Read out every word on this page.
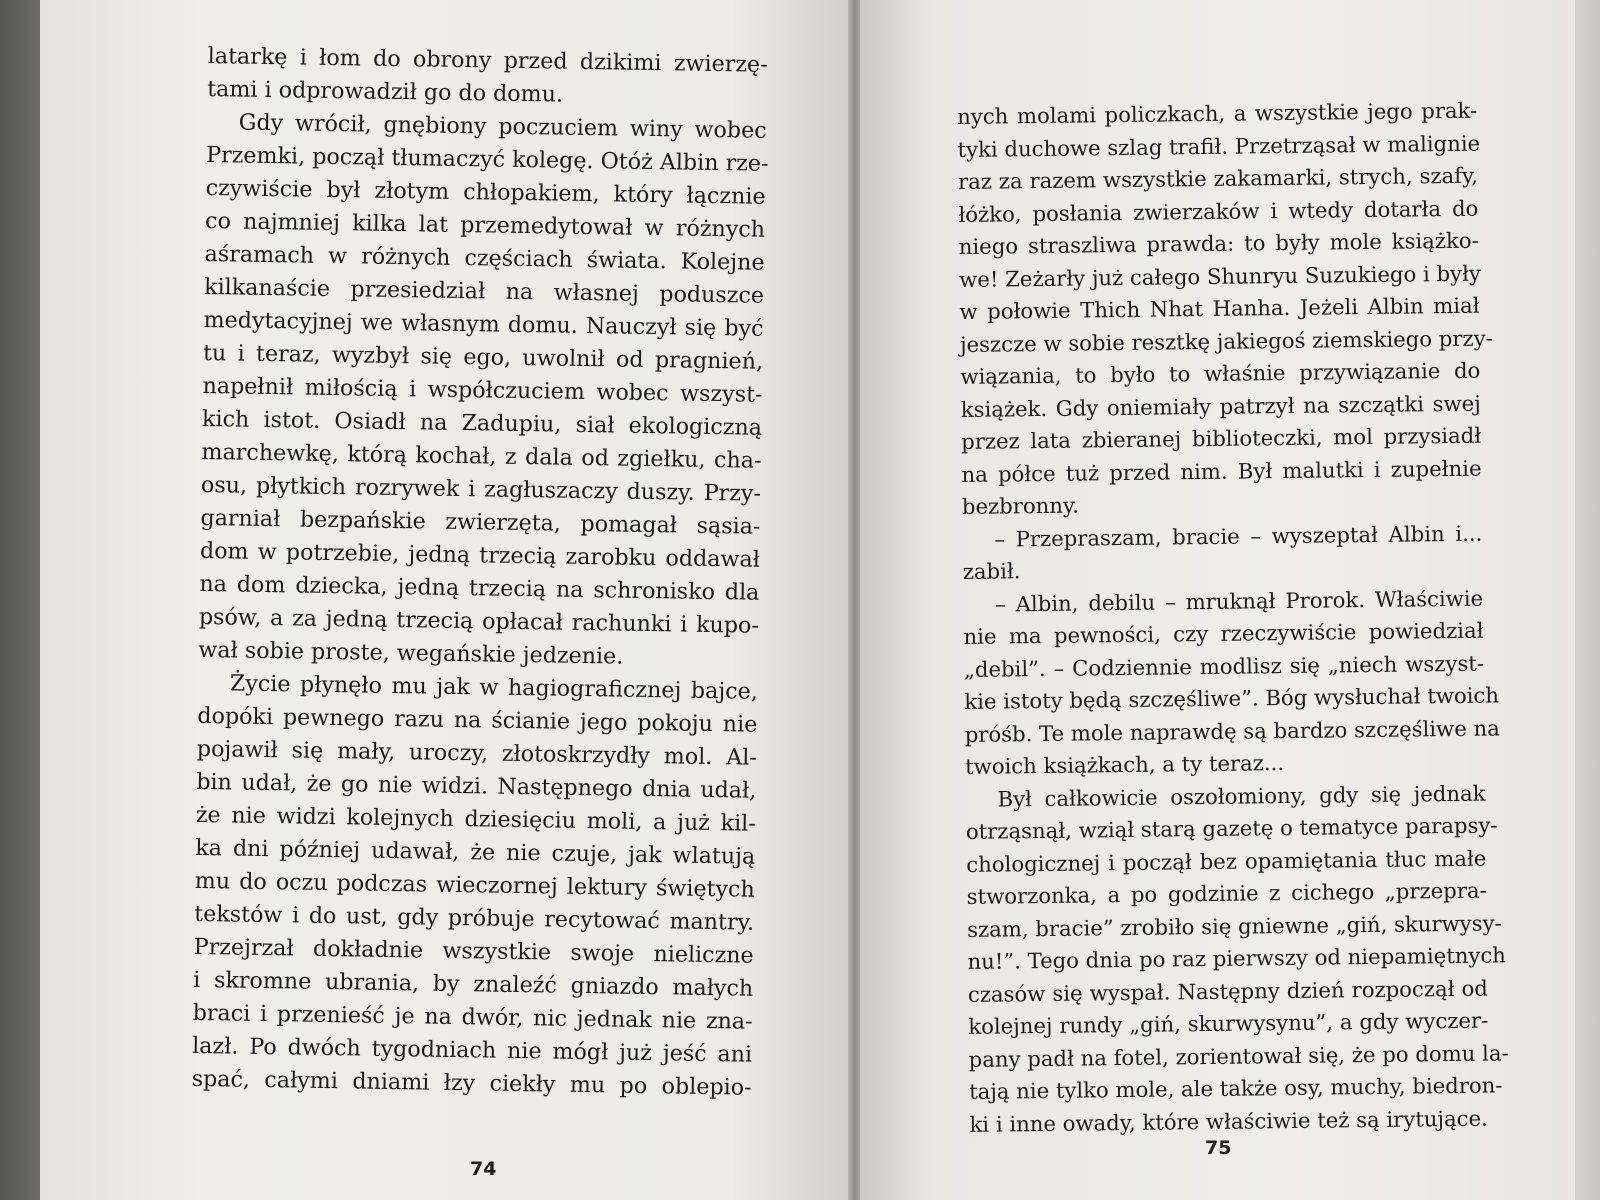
latarkę i łom do obrony przed dzikimi zwierzę-
tami i odprowadził go do domu.
Gdy wrócił, gnębiony poczuciem winy wobec
Przemki, począł tłumaczyć kolegę. Otóż Albin rze-
czywiście był złotym chłopakiem, który łącznie
co najmniej kilka lat przemedytował w różnych
aśramach w różnych częściach świata. Kolejne
kilkanaście przesiedział na własnej poduszce
medytacyjnej we własnym domu. Nauczył się być
tu i teraz, wyzbył się ego, uwolnił od pragnień,
napełnił miłością i współczuciem wobec wszyst-
kich istot. Osiadł na Zadupiu, siał ekologiczną
marchewkę, którą kochał, z dala od zgiełku, cha-
osu, płytkich rozrywek i zagłuszaczy duszy. Przy-
garniał bezpańskie zwierzęta, pomagał sąsia-
dom w potrzebie, jedną trzecią zarobku oddawał
na dom dziecka, jedną trzecią na schronisko dla
psów, a za jedną trzecią opłacał rachunki i kupo-
wał sobie proste, wegańskie jedzenie.
Życie płynęło mu jak w hagiograficznej bajce,
dopóki pewnego razu na ścianie jego pokoju nie
pojawił się mały, uroczy, złotoskrzydły mol. Al-
bin udał, że go nie widzi. Następnego dnia udał,
że nie widzi kolejnych dziesięciu moli, a już kil-
ka dni później udawał, że nie czuje, jak wlatują
mu do oczu podczas wieczornej lektury świętych
tekstów i do ust, gdy próbuje recytować mantry.
Przejrzał dokładnie wszystkie swoje nieliczne
i skromne ubrania, by znaleźć gniazdo małych
braci i przenieść je na dwór, nic jednak nie zna-
lazł. Po dwóch tygodniach nie mógł już jeść ani
spać, całymi dniami łzy ciekły mu po oblepio-
74
nych molami policzkach, a wszystkie jego prak-
tyki duchowe szlag trafił. Przetrząsał w malignie
raz za razem wszystkie zakamarki, strych, szafy,
łóżko, posłania zwierzaków i wtedy dotarła do
niego straszliwa prawda: to były mole książko-
we! Zeżarły już całego Shunryu Suzukiego i były
w połowie Thich Nhat Hanha. Jeżeli Albin miał
jeszcze w sobie resztkę jakiegoś ziemskiego przy-
wiązania, to było to właśnie przywiązanie do
książek. Gdy oniemiały patrzył na szczątki swej
przez lata zbieranej biblioteczki, mol przysiadł
na półce tuż przed nim. Był malutki i zupełnie
bezbronny.
– Przepraszam, bracie – wyszeptał Albin i...
zabił.
– Albin, debilu – mruknął Prorok. Właściwie
nie ma pewności, czy rzeczywiście powiedział
„debil”. – Codziennie modlisz się „niech wszyst-
kie istoty będą szczęśliwe”. Bóg wysłuchał twoich
próśb. Te mole naprawdę są bardzo szczęśliwe na
twoich książkach, a ty teraz...
Był całkowicie oszołomiony, gdy się jednak
otrząsnął, wziął starą gazetę o tematyce parapsy-
chologicznej i począł bez opamiętania tłuc małe
stworzonka, a po godzinie z cichego „przepra-
szam, bracie” zrobiło się gniewne „giń, skurwysy-
nu!”. Tego dnia po raz pierwszy od niepamiętnych
czasów się wyspał. Następny dzień rozpoczął od
kolejnej rundy „giń, skurwysynu”, a gdy wyczer-
pany padł na fotel, zorientował się, że po domu la-
tają nie tylko mole, ale także osy, muchy, biedron-
ki i inne owady, które właściwie też są irytujące.
75
